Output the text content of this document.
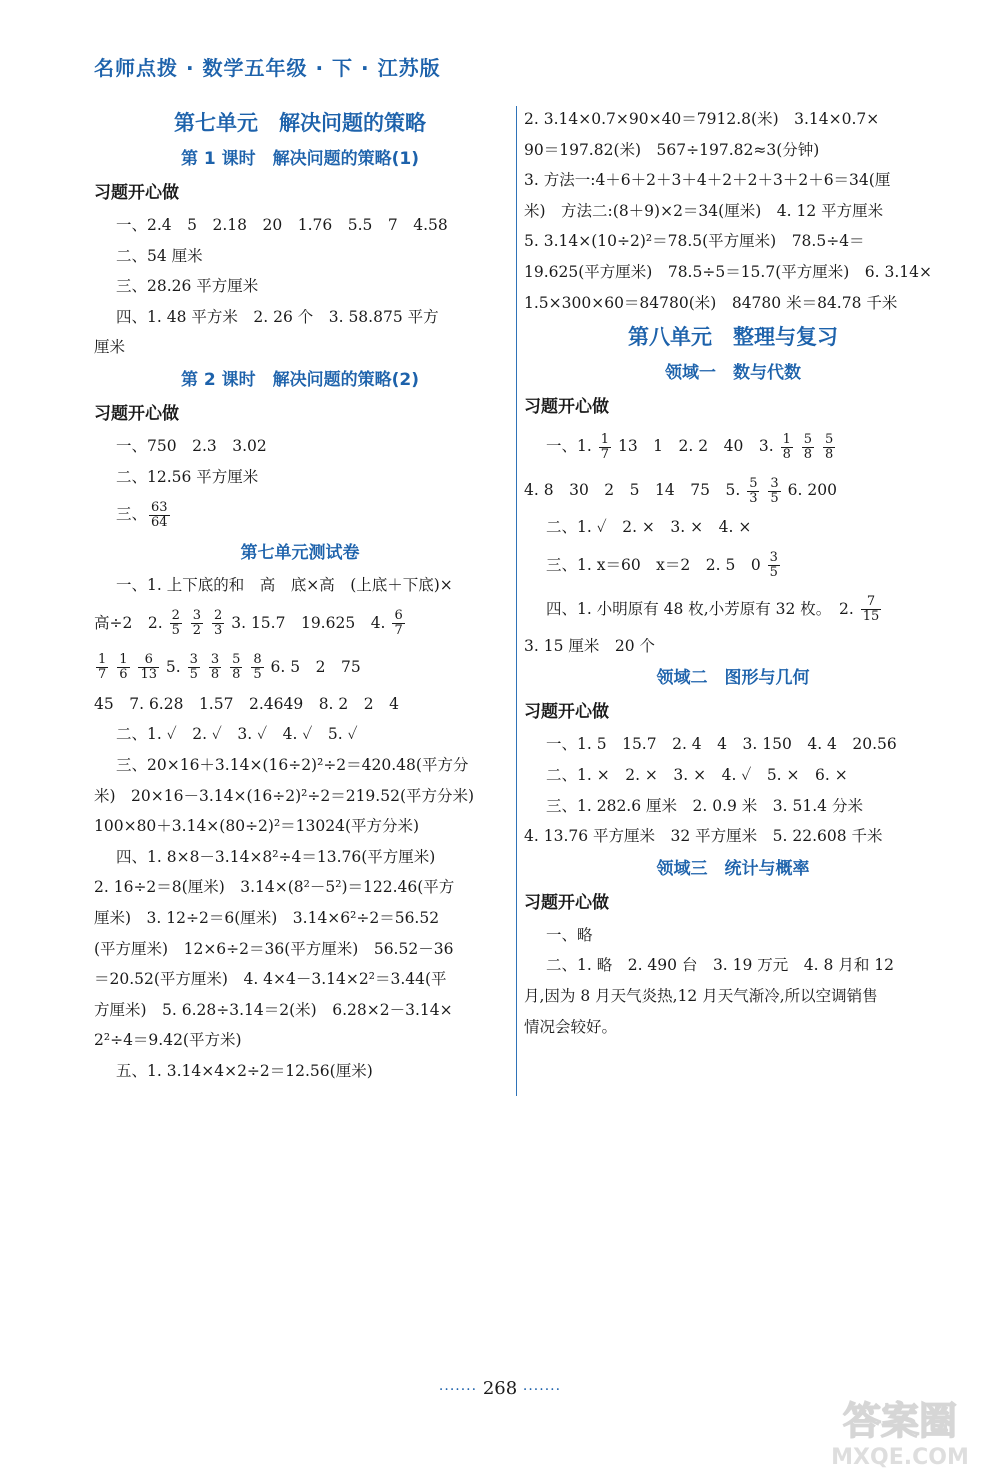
名师点拨 · 数学五年级 · 下 · 江苏版
第七单元　解决问题的策略
第 1 课时　解决问题的策略(1)
习题开心做
一、2.4　5　2.18　20　1.76　5.5　7　4.58
二、54 厘米
三、28.26 平方厘米
四、1. 48 平方米　2. 26 个　3. 58.875 平方
厘米
第 2 课时　解决问题的策略(2)
习题开心做
一、750　2.3　3.02
二、12.56 平方厘米
三、 $\frac{63}{64}$
第七单元测试卷
一、1. 上下底的和　高　底×高　(上底＋下底)×
高÷2　2. $\frac{2}{5}$
$\frac{3}{2}$
$\frac{2}{3} 3$. 15.7　19.625　4. $\frac{6}{7}$
$\frac{1}{7}$
$\frac{1}{6}$
$\frac{6}{13} 5$. $\frac{3}{5}$
$\frac{3}{8}$
$\frac{5}{8}$
$\frac{8}{5} 6$. 5　2　75
45　7. 6.28　1.57　2.4649　8. 2　2　4
二、1. ✓　2. ✓　3. ✓　4. ✓　5. ✓
三、20×16＋3.14×(16÷2)²÷2＝420.48(平方分
米)　20×16－3.14×(16÷2)²÷2＝219.52(平方分米)
100×80＋3.14×(80÷2)²＝13024(平方分米)
四、1. 8×8－3.14×8²÷4＝13.76(平方厘米)
2. 16÷2＝8(厘米)　3.14×(8²－5²)＝122.46(平方
厘米)　3. 12÷2＝6(厘米)　3.14×6²÷2＝56.52
(平方厘米)　12×6÷2＝36(平方厘米)　56.52－36
＝20.52(平方厘米)　4. 4×4－3.14×2²＝3.44(平
方厘米)　5. 6.28÷3.14＝2(米)　6.28×2－3.14×
2²÷4＝9.42(平方米)
五、1. 3.14×4×2÷2＝12.56(厘米)
2. 3.14×0.7×90×40＝7912.8(米)　3.14×0.7×
90＝197.82(米)　567÷197.82≈3(分钟)
3. 方法一:4＋6＋2＋3＋4＋2＋2＋3＋2＋6＝34(厘
米)　方法二:(8＋9)×2＝34(厘米)　4. 12 平方厘米
5. 3.14×(10÷2)²＝78.5(平方厘米)　78.5÷4＝
19.625(平方厘米)　78.5÷5＝15.7(平方厘米)　6. 3.14×
1.5×300×60＝84780(米)　84780 米＝84.78 千米
第八单元　整理与复习
领域一　数与代数
习题开心做
一、1. $\frac{1}{7} 13$　1　2. 2　40　3. $\frac{1}{8}$
$\frac{5}{8}$
$\frac{5}{8}$
4. 8　30　2　5　14　75　5. $\frac{5}{3}$
$\frac{3}{5} 6$. 200
二、1. ✓　2. ×　3. ×　4. ×
三、1. x＝60　x＝2　2. 5　$0 \frac{3}{5}$
四、1. 小明原有 48 枚,小芳原有 32 枚。　2. $\frac{7}{15}$
3. 15 厘米　20 个
领域二　图形与几何
习题开心做
一、1. 5　15.7　2. 4　4　3. 150　4. 4　20.56
二、1. ×　2. ×　3. ×　4. ✓　5. ×　6. ×
三、1. 282.6 厘米　2. 0.9 米　3. 51.4 分米
4. 13.76 平方厘米　32 平方厘米　5. 22.608 千米
领域三　统计与概率
习题开心做
一、略
二、1. 略　2. 490 台　3. 19 万元　4. 8 月和 12
月,因为 8 月天气炎热,12 月天气渐冷,所以空调销售
情况会较好。
······· 268 ·······
答案圈
MXQE.COM
